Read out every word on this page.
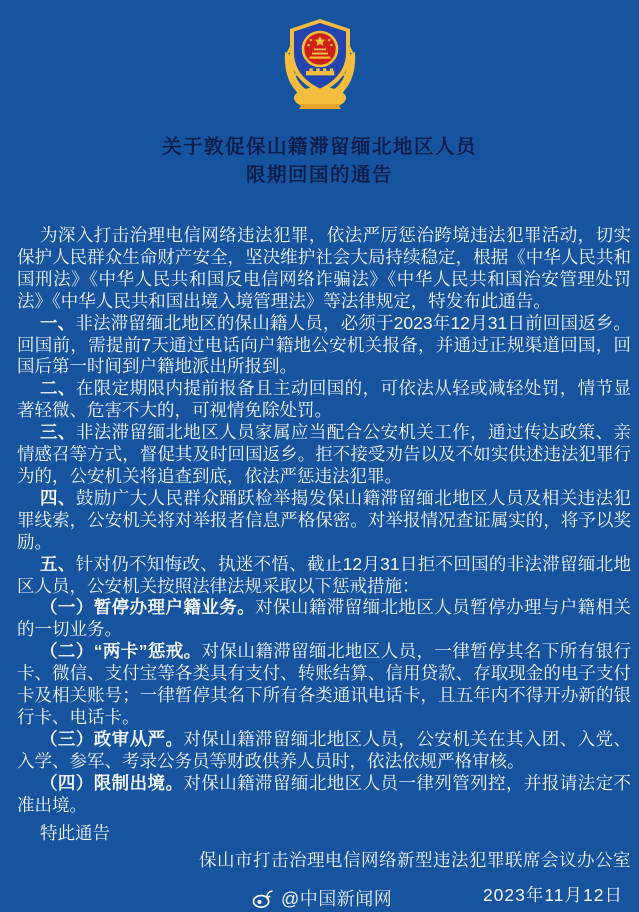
关于敦促保山籍滞留缅北地区人员
限期回国的通告

为深入打击治理电信网络违法犯罪，依法严厉惩治跨境违法犯罪活动，切实保护人民群众生命财产安全，坚决维护社会大局持续稳定，根据《中华人民共和国刑法》《中华人民共和国反电信网络诈骗法》《中华人民共和国治安管理处罚法》《中华人民共和国出境入境管理法》等法律规定，特发布此通告。

一、非法滞留缅北地区的保山籍人员，必须于2023年12月31日前回国返乡。回国前，需提前7天通过电话向户籍地公安机关报备，并通过正规渠道回国，回国后第一时间到户籍地派出所报到。

二、在限定期限内提前报备且主动回国的，可依法从轻或减轻处罚，情节显著轻微、危害不大的，可视情免除处罚。

三、非法滞留缅北地区人员家属应当配合公安机关工作，通过传达政策、亲情感召等方式，督促其及时回国返乡。拒不接受劝告以及不如实供述违法犯罪行为的，公安机关将追查到底，依法严惩违法犯罪。

四、鼓励广大人民群众踊跃检举揭发保山籍滞留缅北地区人员及相关违法犯罪线索，公安机关将对举报者信息严格保密。对举报情况查证属实的，将予以奖励。

五、针对仍不知悔改、执迷不悟、截止12月31日拒不回国的非法滞留缅北地区人员，公安机关按照法律法规采取以下惩戒措施：

（一）暂停办理户籍业务。对保山籍滞留缅北地区人员暂停办理与户籍相关的一切业务。

（二）“两卡”惩戒。对保山籍滞留缅北地区人员，一律暂停其名下所有银行卡、微信、支付宝等各类具有支付、转账结算、信用贷款、存取现金的电子支付卡及相关账号；一律暂停其名下所有各类通讯电话卡，且五年内不得开办新的银行卡、电话卡。

（三）政审从严。对保山籍滞留缅北地区人员，公安机关在其入团、入党、入学、参军、考录公务员等财政供养人员时，依法依规严格审核。

（四）限制出境。对保山籍滞留缅北地区人员一律列管列控，并报请法定不准出境。

特此通告

保山市打击治理电信网络新型违法犯罪联席会议办公室
2023年11月12日
@中国新闻网
